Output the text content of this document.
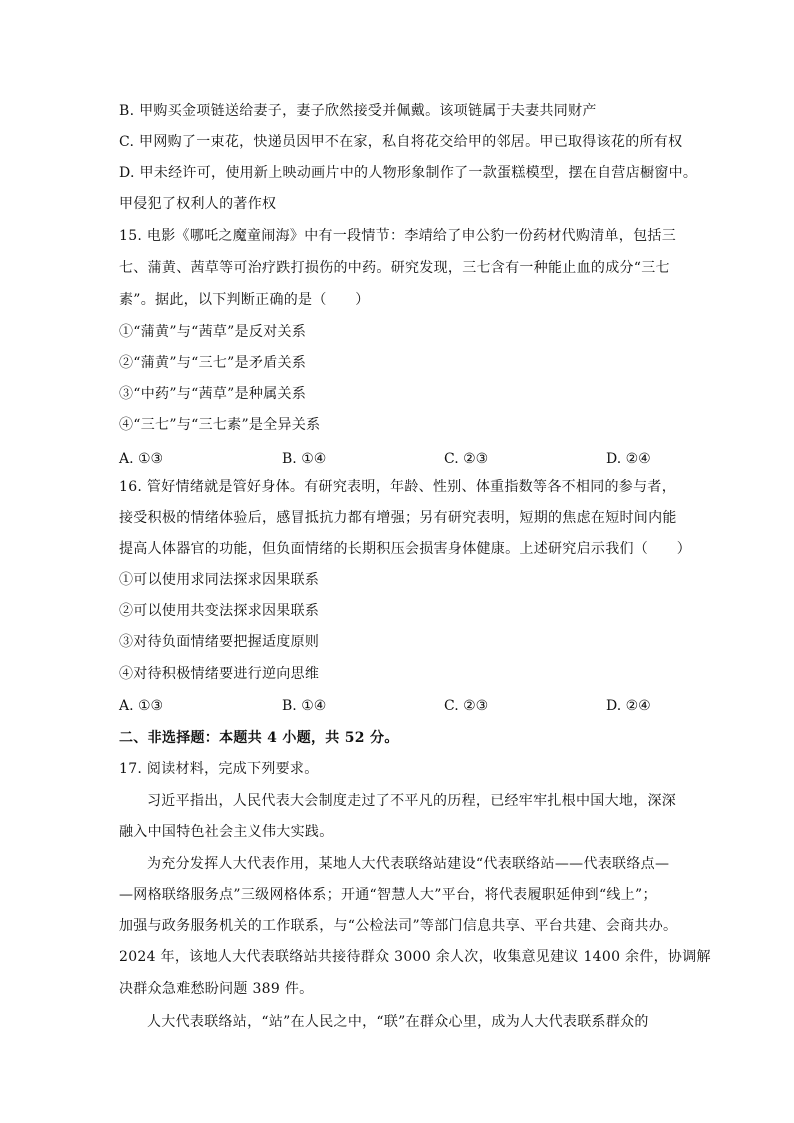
B. 甲购买金项链送给妻子，妻子欣然接受并佩戴。该项链属于夫妻共同财产
C. 甲网购了一束花，快递员因甲不在家，私自将花交给甲的邻居。甲已取得该花的所有权
D. 甲未经许可，使用新上映动画片中的人物形象制作了一款蛋糕模型，摆在自营店橱窗中。
甲侵犯了权利人的著作权
15. 电影《哪吒之魔童闹海》中有一段情节：李靖给了申公豹一份药材代购清单，包括三
七、蒲黄、茜草等可治疗跌打损伤的中药。研究发现，三七含有一种能止血的成分“三七
素”。据此，以下判断正确的是（　　）
①“蒲黄”与“茜草”是反对关系
②“蒲黄”与“三七”是矛盾关系
③“中药”与“茜草”是种属关系
④“三七”与“三七素”是全异关系
A. ①③	B. ①④	C. ②③	D. ②④
16. 管好情绪就是管好身体。有研究表明，年龄、性别、体重指数等各不相同的参与者，
接受积极的情绪体验后，感冒抵抗力都有增强；另有研究表明，短期的焦虑在短时间内能
提高人体器官的功能，但负面情绪的长期积压会损害身体健康。上述研究启示我们（　　）
①可以使用求同法探求因果联系
②可以使用共变法探求因果联系
③对待负面情绪要把握适度原则
④对待积极情绪要进行逆向思维
A. ①③	B. ①④	C. ②③	D. ②④
二、非选择题：本题共 4 小题，共 52 分。
17. 阅读材料，完成下列要求。
习近平指出，人民代表大会制度走过了不平凡的历程，已经牢牢扎根中国大地，深深
融入中国特色社会主义伟大实践。
为充分发挥人大代表作用，某地人大代表联络站建设“代表联络站——代表联络点—
—网格联络服务点”三级网格体系；开通“智慧人大”平台，将代表履职延伸到“线上”；
加强与政务服务机关的工作联系，与“公检法司”等部门信息共享、平台共建、会商共办。
2024 年，该地人大代表联络站共接待群众 3000 余人次，收集意见建议 1400 余件，协调解
决群众急难愁盼问题 389 件。
人大代表联络站，“站”在人民之中，“联”在群众心里，成为人大代表联系群众的
